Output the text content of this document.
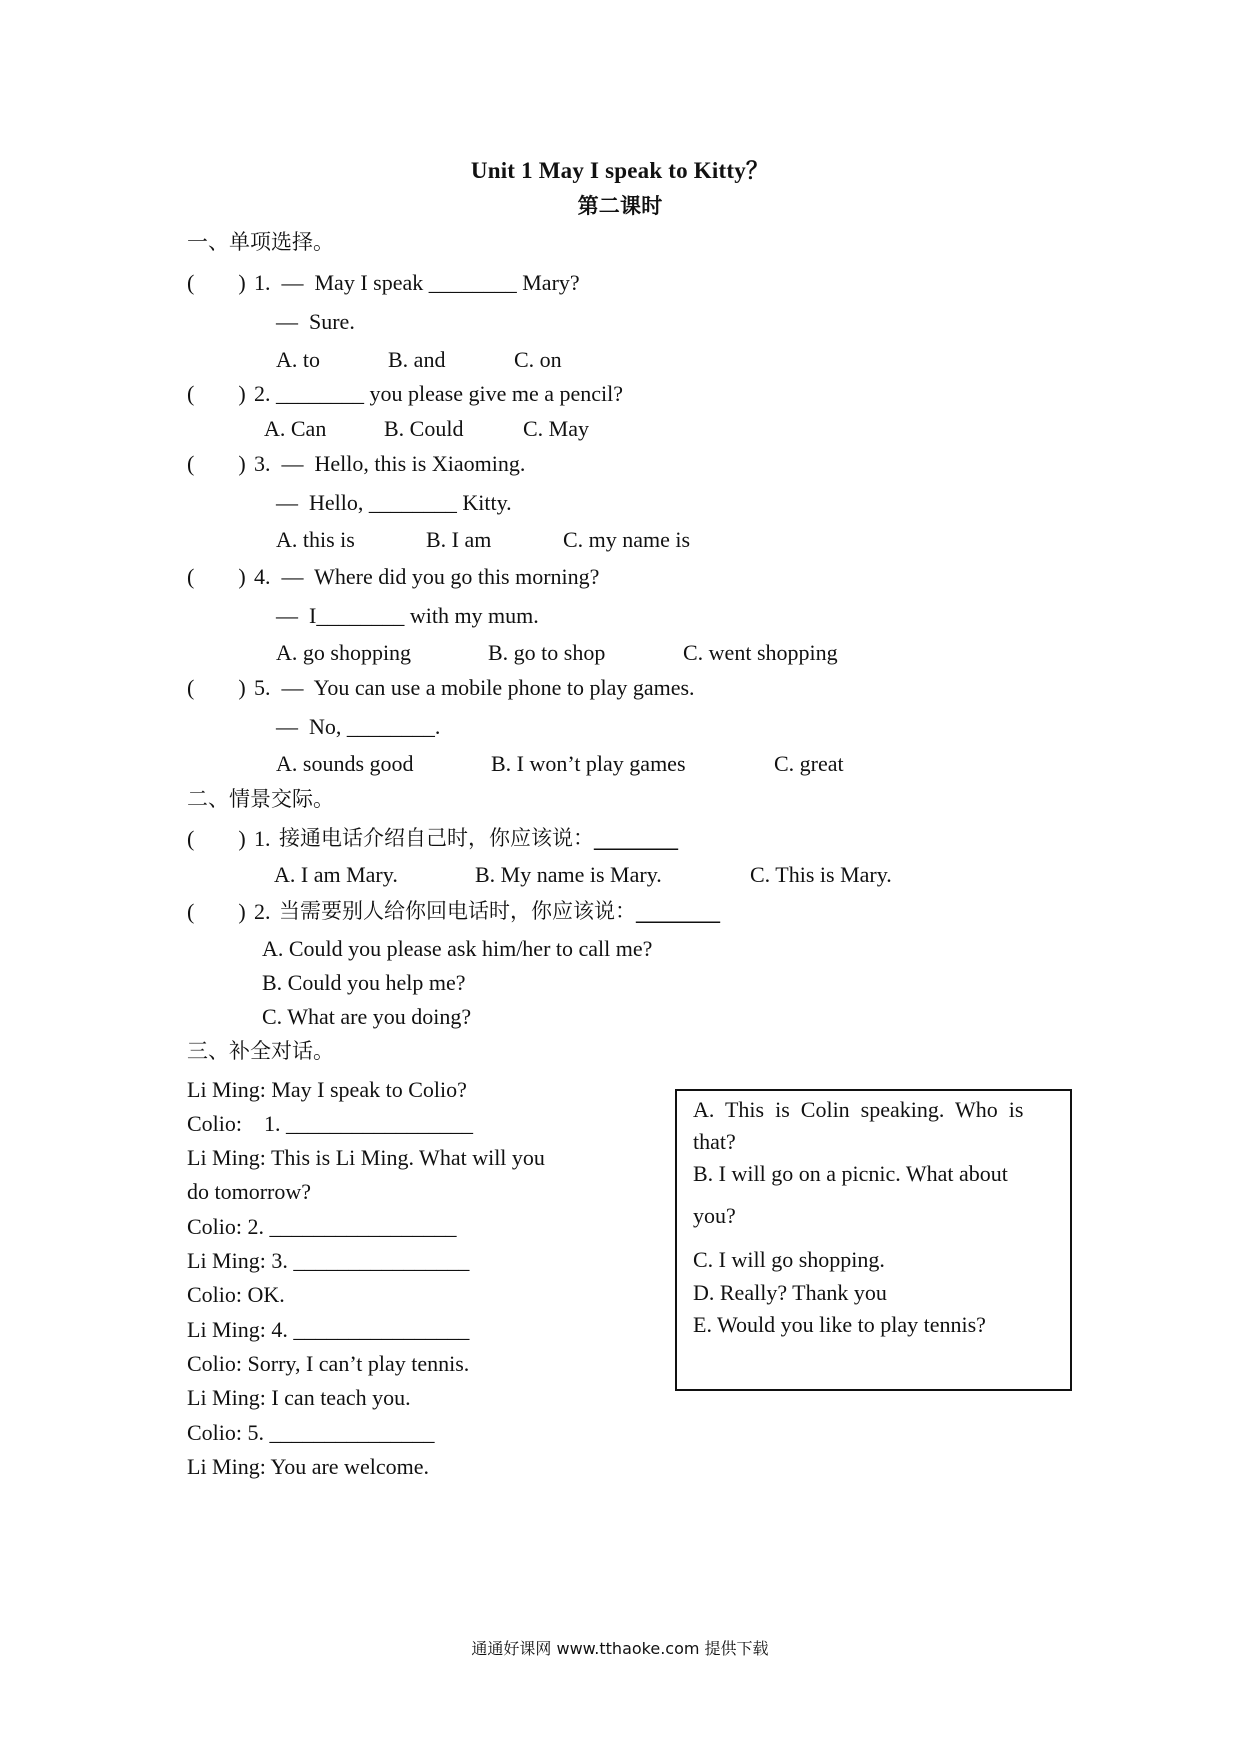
Unit 1 May I speak to Kitty？
第二课时
一、单项选择。
(        ) 1.  —  May I speak ________ Mary?
—  Sure.
A. to	B. and	C. on
(        ) 2. ________ you please give me a pencil?
A. Can	B. Could	C. May
(        ) 3.  —  Hello, this is Xiaoming.
—  Hello, ________ Kitty.
A. this is	B. I am	C. my name is
(        ) 4.  —  Where did you go this morning?
—  I________ with my mum.
A. go shopping	B. go to shop	C. went shopping
(        ) 5.  —  You can use a mobile phone to play games.
—  No, ________.
A. sounds good	B. I won’t play games	C. great
二、情景交际。
(        ) 1. 接通电话介绍自己时，你应该说：________
A. I am Mary.	B. My name is Mary.	C. This is Mary.
(        ) 2. 当需要别人给你回电话时，你应该说：________
A. Could you please ask him/her to call me?
B. Could you help me?
C. What are you doing?
三、补全对话。
Li Ming: May I speak to Colio?
Colio:    1. _________________
Li Ming: This is Li Ming. What will you
do tomorrow?
Colio: 2. _________________
Li Ming: 3. ________________
Colio: OK.
Li Ming: 4. ________________
Colio: Sorry, I can’t play tennis.
Li Ming: I can teach you.
Colio: 5. _______________
Li Ming: You are welcome.
A.  This  is  Colin  speaking.  Who  is
that?
B. I will go on a picnic. What about
you?
C. I will go shopping.
D. Really? Thank you
E. Would you like to play tennis?
通通好课网 www.tthaoke.com 提供下载
